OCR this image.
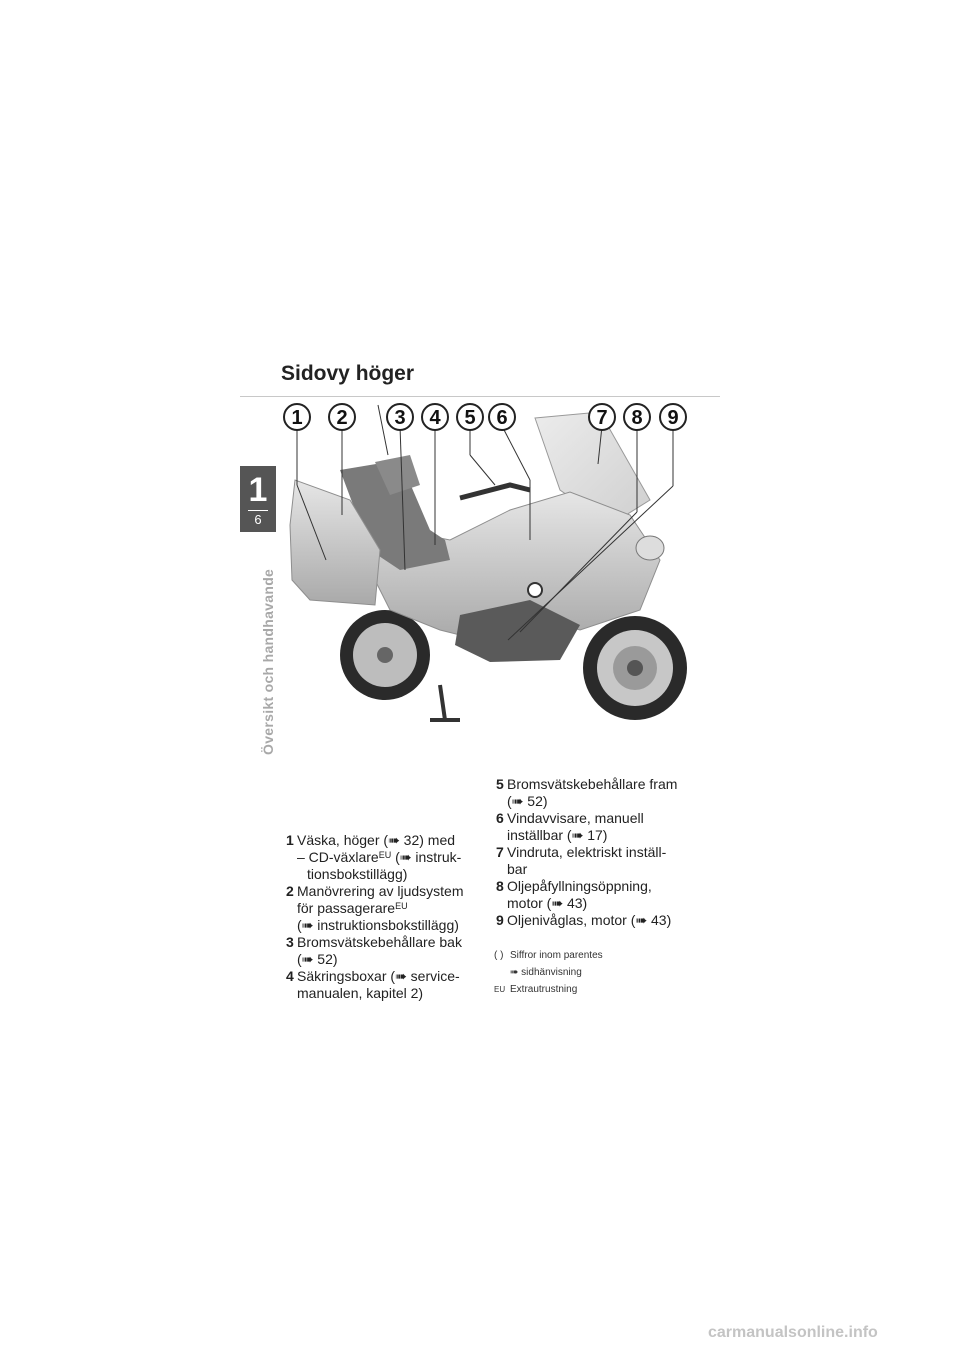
1
6
Översikt och handhavande
Sidovy höger
1 2 3 4 5 6	7 8 9
1 Väska, höger (➠ 32) med
– CD-växlare$^{EU}$ (➠ instruk-
tionsbokstillägg)
2 Manövrering av ljudsystem
för passagerare$^{EU}$
(➠ instruktionsbokstillägg)
3 Bromsvätskebehållare bak
(➠ 52)
4 Säkringsboxar (➠ service-
manualen, kapitel 2)
5 Bromsvätskebehållare fram
(➠ 52)
6 Vindavvisare, manuell
inställbar (➠ 17)
7 Vindruta, elektriskt inställ-
bar
8 Oljepåfyllningsöppning,
motor (➠ 43)
9 Oljenivåglas, motor (➠ 43)
( ) Siffror inom parentes
➠ sidhänvisning
$^{EU}$ Extrautrustning
carmanualsonline.info
